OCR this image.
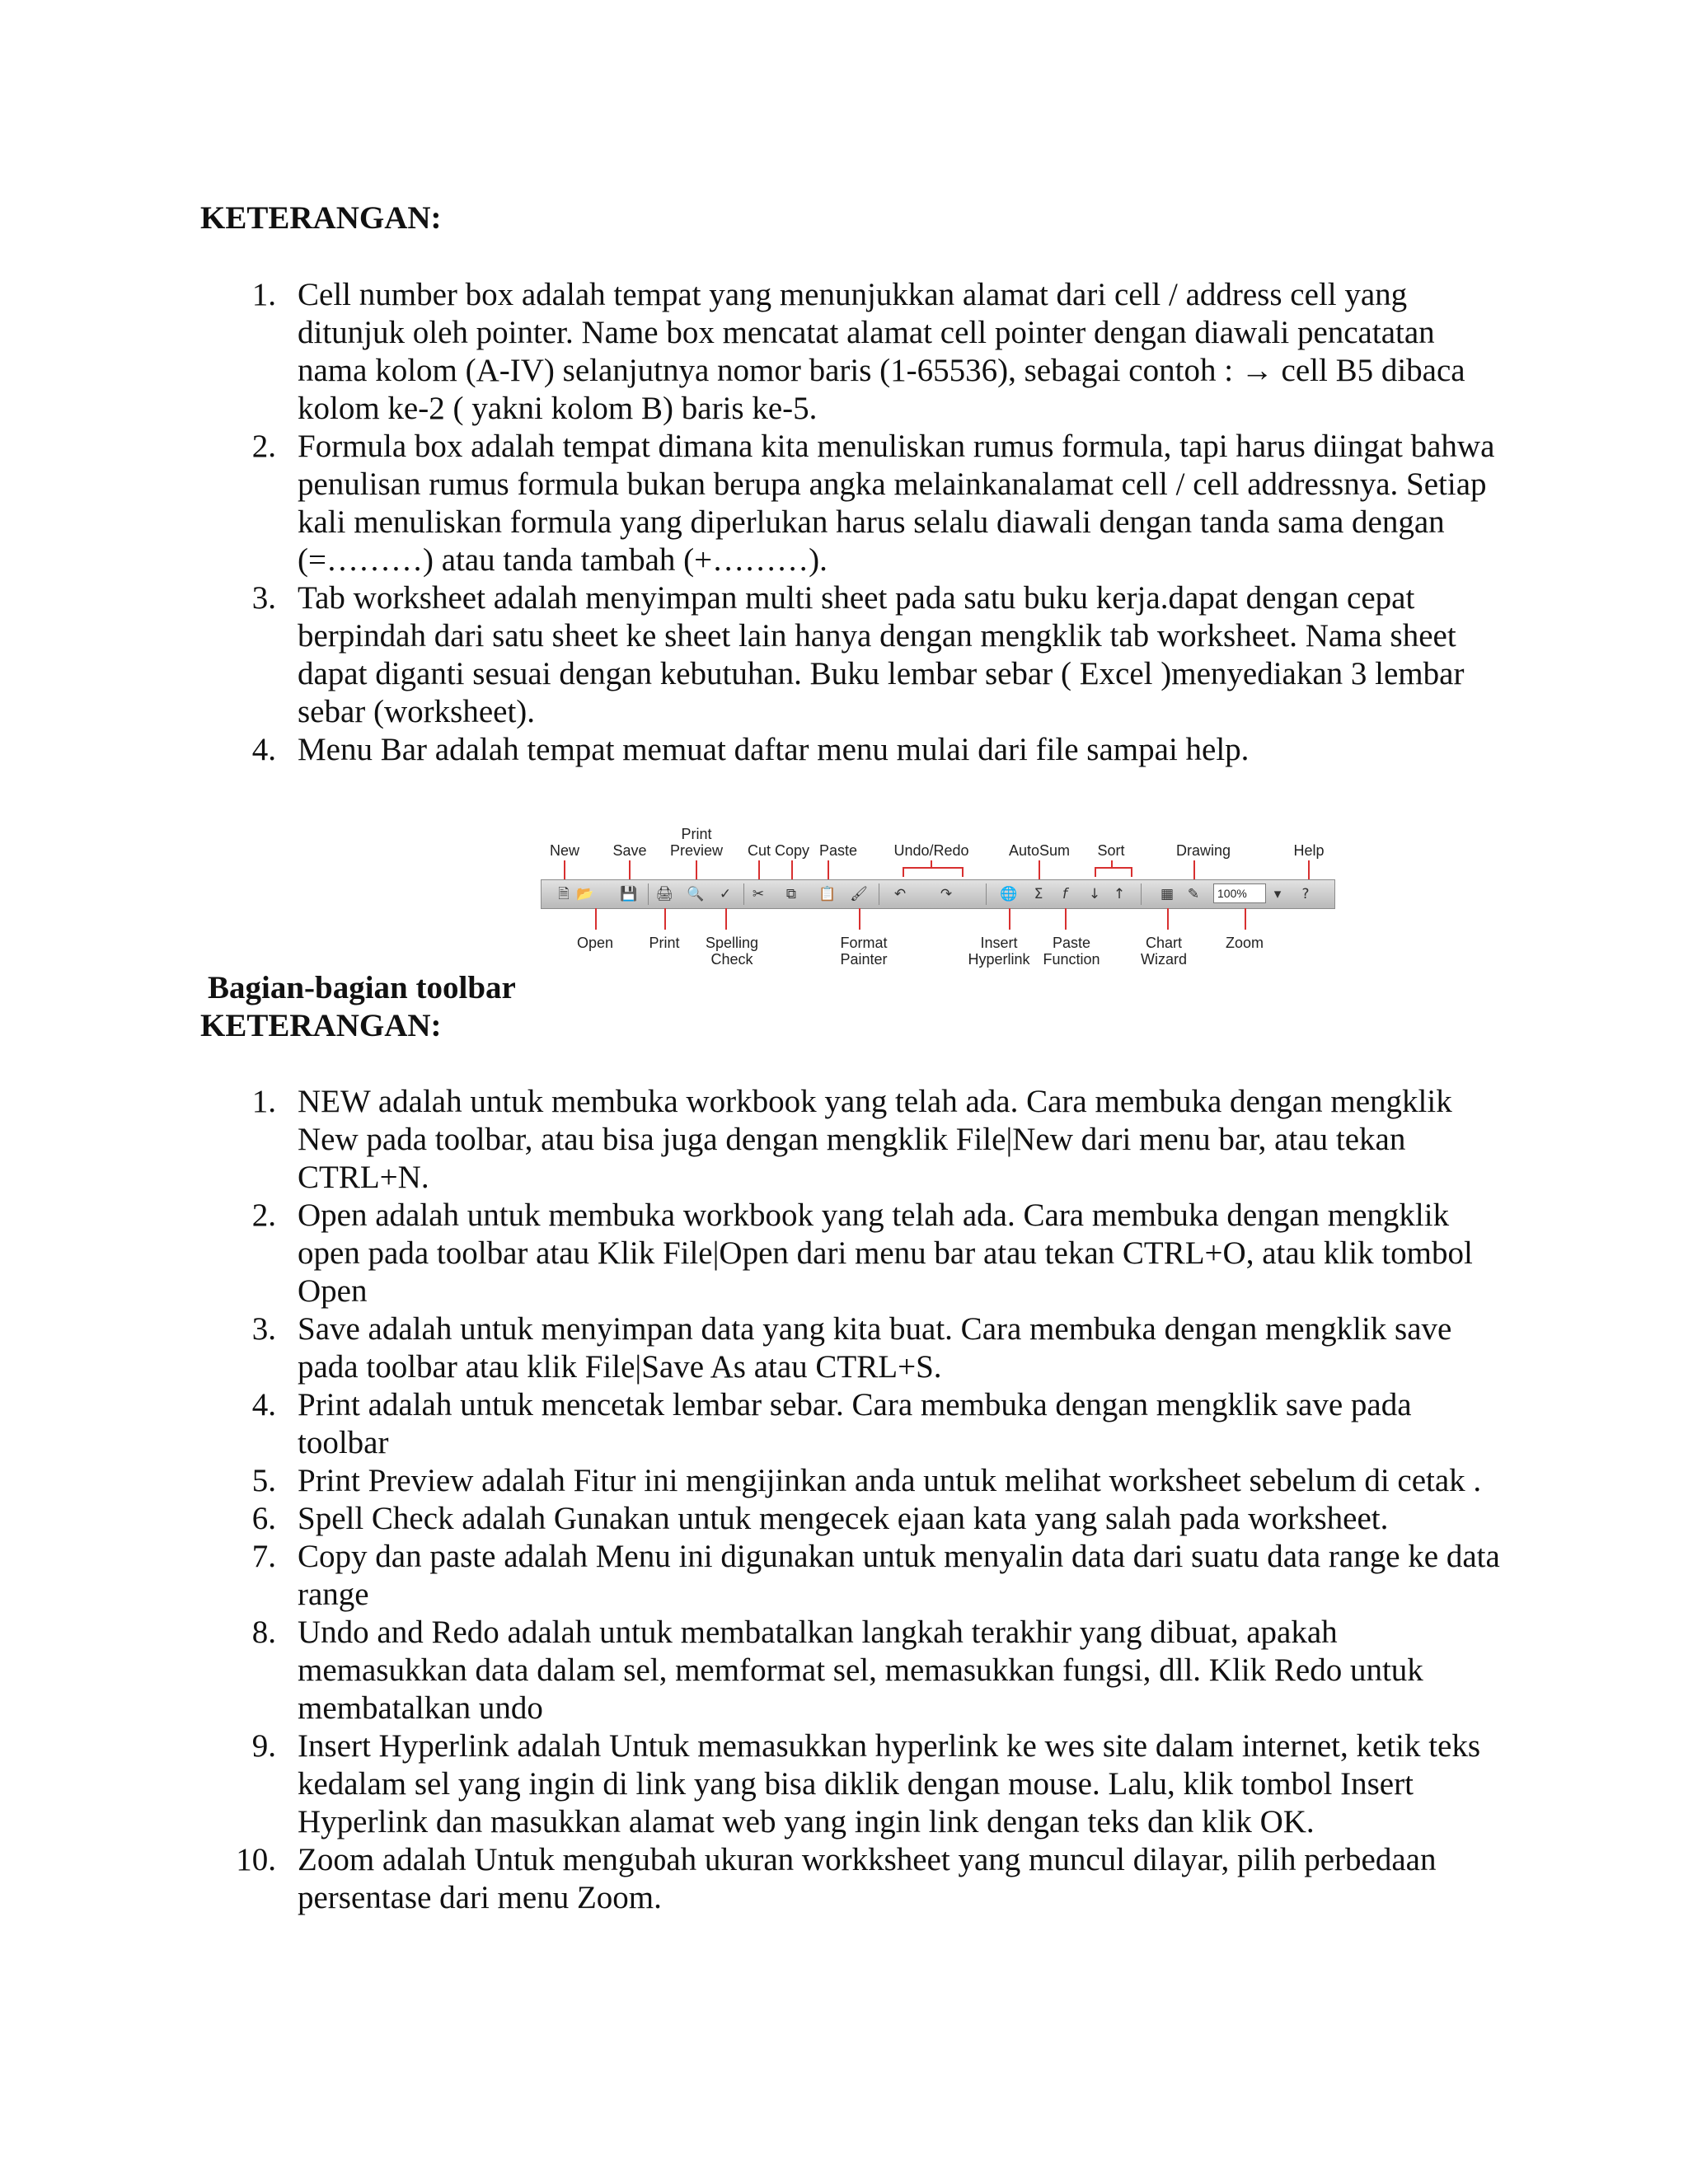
KETERANGAN:
1. Cell number box adalah tempat yang menunjukkan alamat dari cell / address cell yang ditunjuk oleh pointer. Name box mencatat alamat cell pointer dengan diawali pencatatan nama kolom (A-IV) selanjutnya nomor baris (1-65536), sebagai contoh : → cell B5 dibaca kolom ke-2 ( yakni kolom B) baris ke-5.
2. Formula box adalah tempat dimana kita menuliskan rumus formula, tapi harus diingat bahwa penulisan rumus formula bukan berupa angka melainkanalamat cell / cell addressnya. Setiap kali menuliskan formula yang diperlukan harus selalu diawali dengan tanda sama dengan (=………) atau tanda tambah (+………).
3. Tab worksheet adalah menyimpan multi sheet pada satu buku kerja.dapat dengan cepat berpindah dari satu sheet ke sheet lain hanya dengan mengklik tab worksheet. Nama sheet dapat diganti sesuai dengan kebutuhan. Buku lembar sebar ( Excel )menyediakan 3 lembar sebar (worksheet).
4. Menu Bar adalah tempat memuat daftar menu mulai dari file sampai help.
New Save
Print
Preview Cut Copy Paste Undo/Redo	AutoSum Sort	Drawing	Help
🗎 📂 💾 🖨 🔍 ✓ ✂	⧉	📋 🖌 ↶ ↷	🌐	Σ	f	↓ ↑	▦ ✎	100%	▾	?
Open Print	Spelling Check
Format Painter
Insert Hyperlink
Paste Function
Chart Wizard
Zoom
Bagian-bagian toolbar
KETERANGAN:
1. NEW adalah untuk membuka workbook yang telah ada. Cara membuka dengan mengklik New pada toolbar, atau bisa juga dengan mengklik File|New dari menu bar, atau tekan CTRL+N.
2. Open adalah untuk membuka workbook yang telah ada. Cara membuka dengan mengklik open pada toolbar atau Klik File|Open dari menu bar atau tekan CTRL+O, atau klik tombol Open
3. Save adalah untuk menyimpan data yang kita buat. Cara membuka dengan mengklik save pada toolbar atau klik File|Save As atau CTRL+S.
4. Print adalah untuk mencetak lembar sebar. Cara membuka dengan mengklik save pada toolbar
5. Print Preview adalah Fitur ini mengijinkan anda untuk melihat worksheet sebelum di cetak .
6. Spell Check adalah Gunakan untuk mengecek ejaan kata yang salah pada worksheet.
7. Copy dan paste adalah Menu ini digunakan untuk menyalin data dari suatu data range ke data range
8. Undo and Redo adalah untuk membatalkan langkah terakhir yang dibuat, apakah memasukkan data dalam sel, memformat sel, memasukkan fungsi, dll. Klik Redo untuk membatalkan undo
9. Insert Hyperlink adalah Untuk memasukkan hyperlink ke wes site dalam internet, ketik teks kedalam sel yang ingin di link yang bisa diklik dengan mouse. Lalu, klik tombol Insert Hyperlink dan masukkan alamat web yang ingin link dengan teks dan klik OK.
10. Zoom adalah Untuk mengubah ukuran workksheet yang muncul dilayar, pilih perbedaan persentase dari menu Zoom.
